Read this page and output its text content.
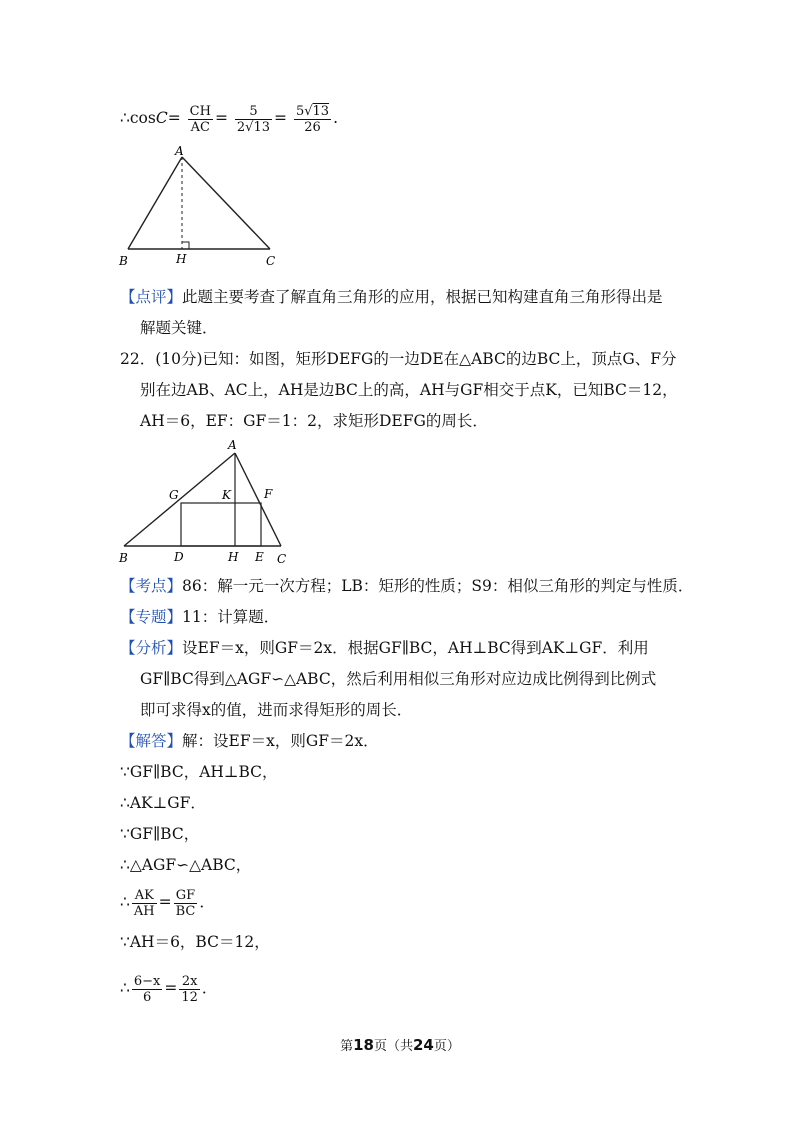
∴cosC= $\frac{CH}{AC} = \frac{5}{2√13} = \frac{5√13}{26}$ .
A
B	H	C
【点评】此题主要考查了解直角三角形的应用，根据已知构建直角三角形得出是
解题关键．
22．(10分)已知：如图，矩形DEFG的一边DE在△ABC的边BC上，顶点G、F分
别在边AB、AC上，AH是边BC上的高，AH与GF相交于点K，已知BC＝12，
AH＝6，EF：GF＝1：2，求矩形DEFG的周长．
A
G	K	F
B	D	H E C
【考点】86：解一元一次方程；LB：矩形的性质；S9：相似三角形的判定与性质．
【专题】11：计算题．
【分析】设EF＝x，则GF＝2x．根据GF∥BC，AH⊥BC得到AK⊥GF．利用
GF∥BC得到△AGF∽△ABC，然后利用相似三角形对应边成比例得到比例式
即可求得x的值，进而求得矩形的周长．
【解答】解：设EF＝x，则GF＝2x．
∵GF∥BC，AH⊥BC，
∴AK⊥GF．
∵GF∥BC，
∴△AGF∽△ABC，
∴ $\frac{AK}{AH} = \frac{GF}{BC}$ ．
∵AH＝6，BC＝12，
∴ $\frac{6-x}{6} = \frac{2x}{12}$ ．
第18页（共24页）
